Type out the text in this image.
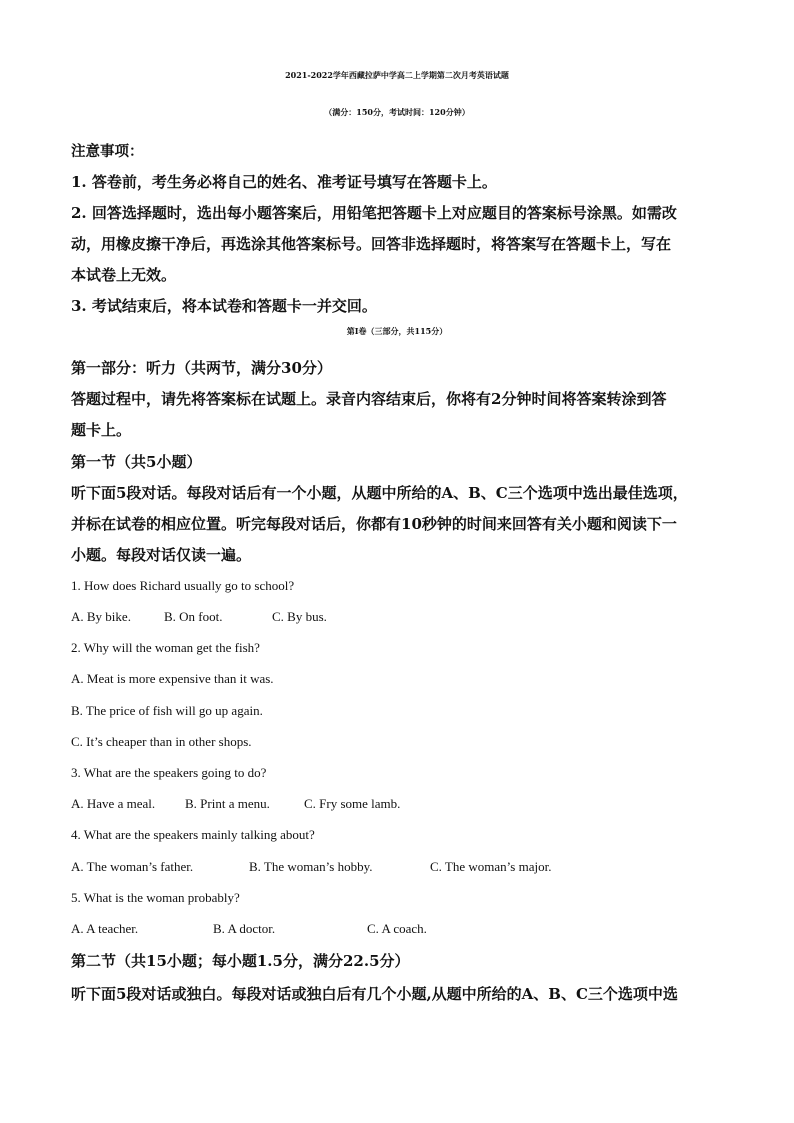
2021-2022学年西藏拉萨中学高二上学期第二次月考英语试题
（满分：150分，考试时间：120分钟）
注意事项：
1. 答卷前，考生务必将自己的姓名、准考证号填写在答题卡上。
2. 回答选择题时，选出每小题答案后，用铅笔把答题卡上对应题目的答案标号涂黑。如需改
动，用橡皮擦干净后，再选涂其他答案标号。回答非选择题时，将答案写在答题卡上，写在
本试卷上无效。
3. 考试结束后，将本试卷和答题卡一并交回。
第Ⅰ卷（三部分，共115分）
第一部分：听力（共两节，满分30分）
答题过程中，请先将答案标在试题上。录音内容结束后，你将有2分钟时间将答案转涂到答
题卡上。
第一节（共5小题）
听下面5段对话。每段对话后有一个小题，从题中所给的A、B、C三个选项中选出最佳选项，
并标在试卷的相应位置。听完每段对话后，你都有10秒钟的时间来回答有关小题和阅读下一
小题。每段对话仅读一遍。
1. How does Richard usually go to school?
A. By bike.	B. On foot.	C. By bus.
2. Why will the woman get the fish?
A. Meat is more expensive than it was.
B. The price of fish will go up again.
C. It’s cheaper than in other shops.
3. What are the speakers going to do?
A. Have a meal. B. Print a menu.	C. Fry some lamb.
4. What are the speakers mainly talking about?
A. The woman’s father.	B. The woman’s hobby.	C. The woman’s major.
5. What is the woman probably?
A. A teacher.	B. A doctor.	C. A coach.
第二节（共15小题；每小题1.5分，满分22.5分）
听下面5段对话或独白。每段对话或独白后有几个小题,从题中所给的A、B、C三个选项中选
